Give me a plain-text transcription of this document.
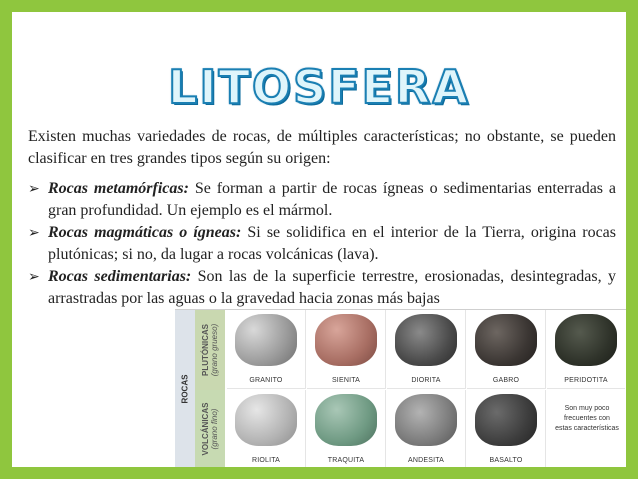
LITOSFERA
Existen muchas variedades de rocas, de múltiples características; no obstante, se pueden clasificar en tres grandes tipos según su origen:
➢ Rocas metamórficas: Se forman a partir de rocas ígneas o sedimentarias enterradas a gran profundidad. Un ejemplo es el mármol.
➢ Rocas magmáticas o ígneas: Si se solidifica en el interior de la Tierra, origina rocas plutónicas; si no, da lugar a rocas volcánicas (lava).
➢ Rocas sedimentarias: Son las de la superficie terrestre, erosionadas, desintegradas, y arrastradas por las aguas o la gravedad hacia zonas más bajas
ROCAS
PLUTÓNICAS
(grano grueso)
VOLCÁNICAS
(grano fino)
GRANITO	SIENITA	DIORITA	GABRO	PERIDOTITA
RIOLITA	TRAQUITA	ANDESITA	BASALTO
Son muy poco frecuentes con estas características
fppt.com
